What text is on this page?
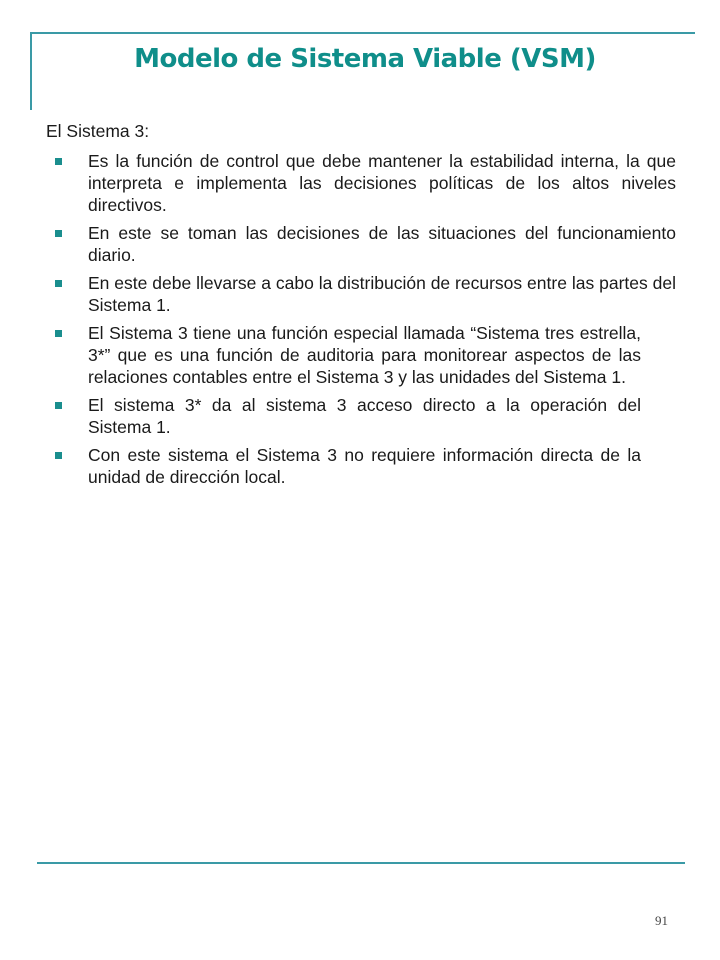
Modelo de Sistema Viable (VSM)

El Sistema 3:

Es la función de control que debe mantener la estabilidad interna, la que interpreta e implementa las decisiones políticas de los altos niveles directivos.
En este se toman las decisiones de las situaciones del funcionamiento diario.
En este debe llevarse a cabo la distribución de recursos entre las partes del Sistema 1.
El Sistema 3 tiene una función especial llamada “Sistema tres estrella, 3*” que es una función de auditoria para monitorear aspectos de las relaciones contables entre el Sistema 3 y las unidades del Sistema 1.
El sistema 3* da al sistema 3 acceso directo a la operación del Sistema 1.
Con este sistema el Sistema 3 no requiere información directa de la unidad de dirección local.
91
